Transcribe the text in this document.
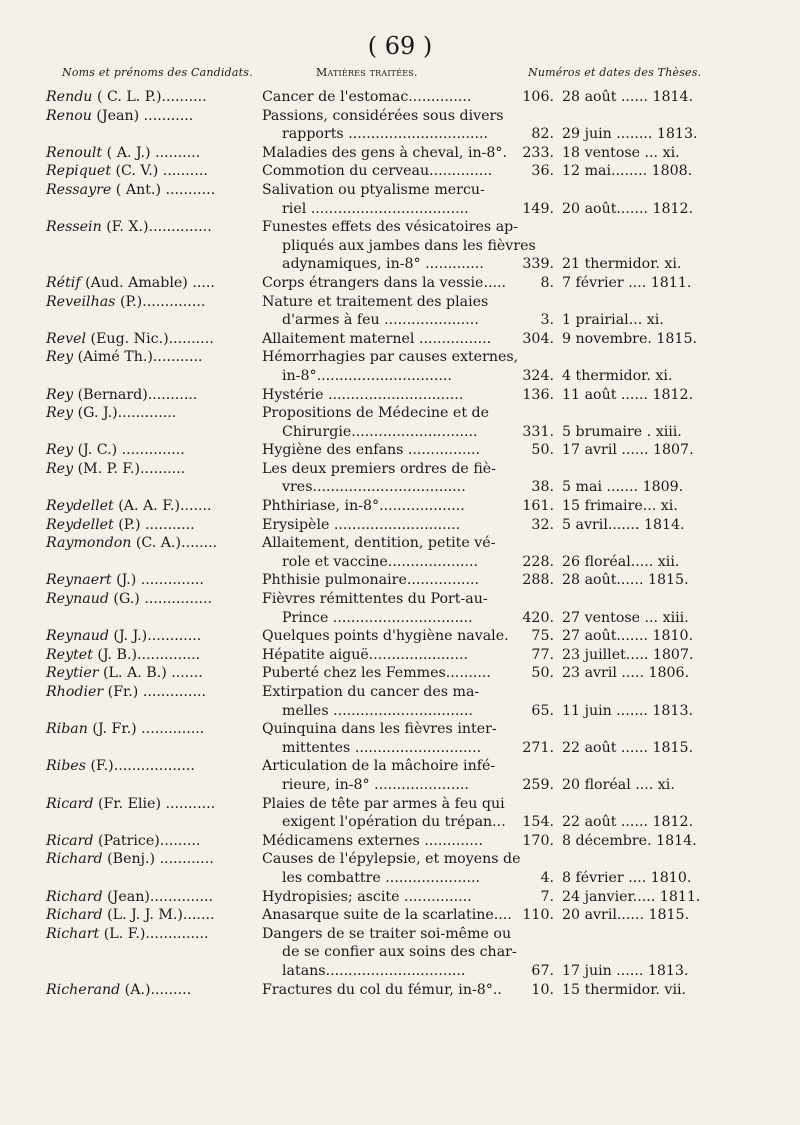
( 69 )
Noms et prénoms des Candidats.	Matières traitées.	Numéros et dates des Thèses.
Rendu ( C. L. P.)..........	Cancer de l'estomac..............	106. 28 août ...... 1814.
Renou (Jean) ...........	Passions, considérées sous divers
rapports ...............................	82. 29 juin ........ 1813.
Renoult ( A. J.) ..........	Maladies des gens à cheval, in-8°.	233. 18 ventose ... xi.
Repiquet (C. V.) ..........	Commotion du cerveau..............	36. 12 mai........ 1808.
Ressayre ( Ant.) ...........	Salivation ou ptyalisme mercu-
riel ...................................	149. 20 août....... 1812.
Ressein (F. X.)..............	Funestes effets des vésicatoires ap-
pliqués aux jambes dans les fièvres
adynamiques, in-8° .............	339. 21 thermidor. xi.
Rétif (Aud. Amable) .....	Corps étrangers dans la vessie.....	8. 7 février .... 1811.
Reveilhas (P.)..............	Nature et traitement des plaies
d'armes à feu .....................	3. 1 prairial... xi.
Revel (Eug. Nic.)..........	Allaitement maternel ................	304. 9 novembre. 1815.
Rey (Aimé Th.)...........	Hémorrhagies par causes externes,
in-8°..............................	324. 4 thermidor. xi.
Rey (Bernard)...........	Hystérie ..............................	136. 11 août ...... 1812.
Rey (G. J.).............	Propositions de Médecine et de
Chirurgie............................	331. 5 brumaire . xiii.
Rey (J. C.) ..............	Hygiène des enfans ................	50. 17 avril ...... 1807.
Rey (M. P. F.)..........	Les deux premiers ordres de fiè-
vres..................................	38. 5 mai ....... 1809.
Reydellet (A. A. F.).......	Phthiriase, in-8°...................	161. 15 frimaire... xi.
Reydellet (P.) ...........	Erysipèle ............................	32. 5 avril....... 1814.
Raymondon (C. A.)........	Allaitement, dentition, petite vé-
role et vaccine....................	228. 26 floréal..... xii.
Reynaert (J.) ..............	Phthisie pulmonaire................	288. 28 août...... 1815.
Reynaud (G.) ...............	Fièvres rémittentes du Port-au-
Prince ...............................	420. 27 ventose ... xiii.
Reynaud (J. J.)............	Quelques points d'hygiène navale.	75. 27 août....... 1810.
Reytet (J. B.)..............	Hépatite aiguë......................	77. 23 juillet..... 1807.
Reytier (L. A. B.) .......	Puberté chez les Femmes..........	50. 23 avril ..... 1806.
Rhodier (Fr.) ..............	Extirpation du cancer des ma-
melles ...............................	65. 11 juin ....... 1813.
Riban (J. Fr.) ..............	Quinquina dans les fièvres inter-
mittentes ............................	271. 22 août ...... 1815.
Ribes (F.)..................	Articulation de la mâchoire infé-
rieure, in-8° .....................	259. 20 floréal .... xi.
Ricard (Fr. Elie) ...........	Plaies de tête par armes à feu qui
exigent l'opération du trépan...	154. 22 août ...... 1812.
Ricard (Patrice).........	Médicamens externes .............	170. 8 décembre. 1814.
Richard (Benj.) ............	Causes de l'épylepsie, et moyens de
les combattre .....................	4. 8 février .... 1810.
Richard (Jean)..............	Hydropisies; ascite ...............	7. 24 janvier..... 1811.
Richard (L. J. J. M.).......	Anasarque suite de la scarlatine.... 110. 20 avril...... 1815.
Richart (L. F.)..............	Dangers de se traiter soi-même ou
de se confier aux soins des char-
latans...............................	67. 17 juin ...... 1813.
Richerand (A.).........	Fractures du col du fémur, in-8°..	10. 15 thermidor. vii.
